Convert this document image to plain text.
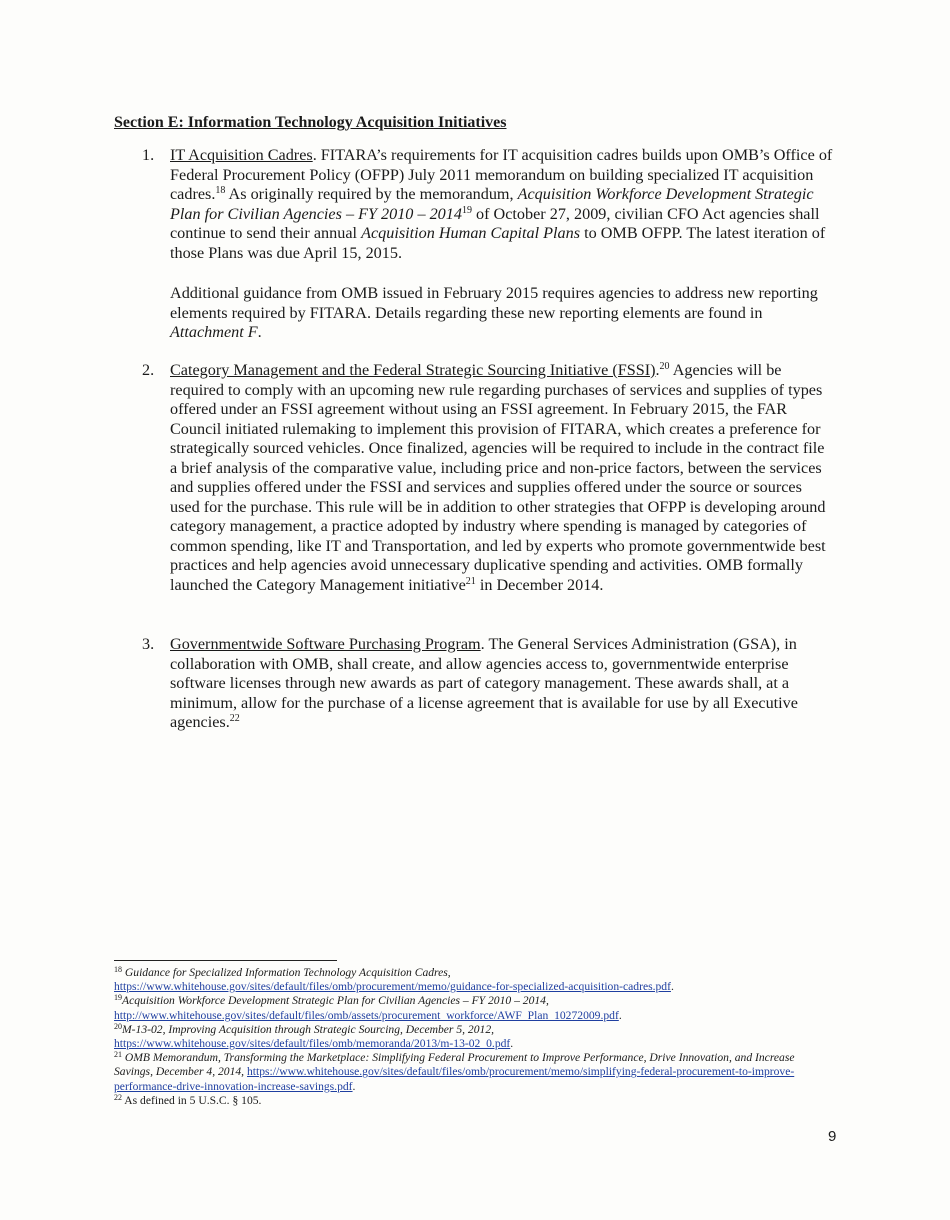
Section E: Information Technology Acquisition Initiatives
1. IT Acquisition Cadres. FITARA’s requirements for IT acquisition cadres builds upon OMB’s Office of Federal Procurement Policy (OFPP) July 2011 memorandum on building specialized IT acquisition cadres.$^{18}$ As originally required by the memorandum, Acquisition Workforce Development Strategic Plan for Civilian Agencies – FY 2010 – 2014$^{19}$ of October 27, 2009, civilian CFO Act agencies shall continue to send their annual Acquisition Human Capital Plans to OMB OFPP. The latest iteration of those Plans was due April 15, 2015.

Additional guidance from OMB issued in February 2015 requires agencies to address new reporting elements required by FITARA. Details regarding these new reporting elements are found in Attachment F.

2. Category Management and the Federal Strategic Sourcing Initiative (FSSI).$^{20}$ Agencies will be required to comply with an upcoming new rule regarding purchases of services and supplies of types offered under an FSSI agreement without using an FSSI agreement. In February 2015, the FAR Council initiated rulemaking to implement this provision of FITARA, which creates a preference for strategically sourced vehicles. Once finalized, agencies will be required to include in the contract file a brief analysis of the comparative value, including price and non-price factors, between the services and supplies offered under the FSSI and services and supplies offered under the source or sources used for the purchase. This rule will be in addition to other strategies that OFPP is developing around category management, a practice adopted by industry where spending is managed by categories of common spending, like IT and Transportation, and led by experts who promote governmentwide best practices and help agencies avoid unnecessary duplicative spending and activities. OMB formally launched the Category Management initiative$^{21}$ in December 2014.

3. Governmentwide Software Purchasing Program. The General Services Administration (GSA), in collaboration with OMB, shall create, and allow agencies access to, governmentwide enterprise software licenses through new awards as part of category management. These awards shall, at a minimum, allow for the purchase of a license agreement that is available for use by all Executive agencies.$^{22}$

$^{18}$ Guidance for Specialized Information Technology Acquisition Cadres,
https://www.whitehouse.gov/sites/default/files/omb/procurement/memo/guidance-for-specialized-acquisition-cadres.pdf.

$^{19}$Acquisition Workforce Development Strategic Plan for Civilian Agencies – FY 2010 – 2014,
http://www.whitehouse.gov/sites/default/files/omb/assets/procurement_workforce/AWF_Plan_10272009.pdf.

$^{20}$M-13-02, Improving Acquisition through Strategic Sourcing, December 5, 2012,
https://www.whitehouse.gov/sites/default/files/omb/memoranda/2013/m-13-02_0.pdf.

$^{21}$ OMB Memorandum, Transforming the Marketplace: Simplifying Federal Procurement to Improve Performance, Drive Innovation, and Increase Savings, December 4, 2014, https://www.whitehouse.gov/sites/default/files/omb/procurement/memo/simplifying-federal-procurement-to-improve-performance-drive-innovation-increase-savings.pdf.

$^{22}$ As defined in 5 U.S.C. § 105.

9
